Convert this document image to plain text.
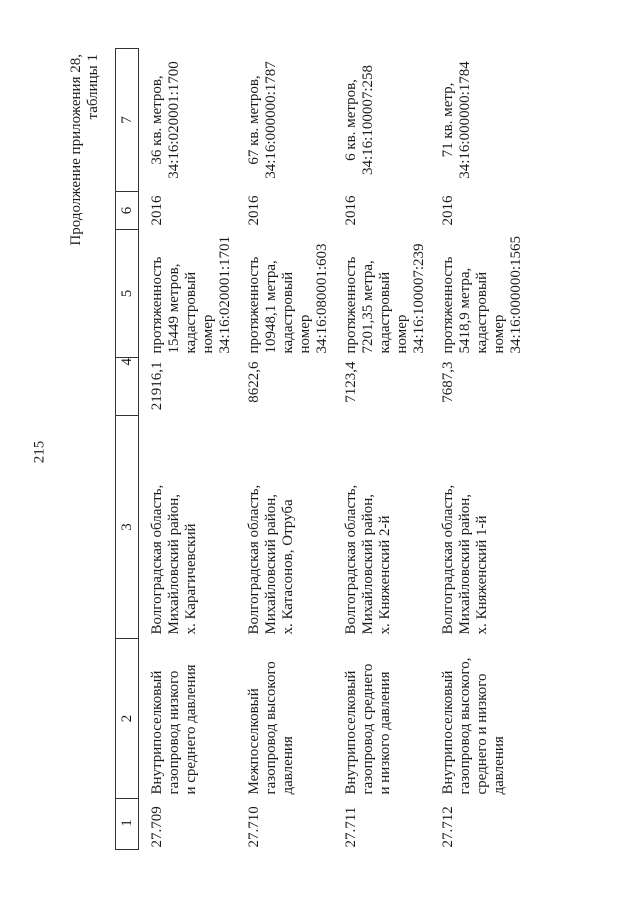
215
Продолжение приложения 28, таблицы 1
1	2	3	4	5	6	7
27.709	Внутрипоселковый газопровод низкого и среднего давления	Волгоградская область, Михайловский район, х. Карагичевский	21916,1	протяженность 15449 метров, кадастровый номер 34:16:020001:1701	2016	36 кв. метров, 34:16:020001:1700

27.710	Межпоселковый газопровод высокого давления	Волгоградская область, Михайловский район, х. Катасонов, Отруба	8622,6	протяженность 10948,1 метра, кадастровый номер 34:16:080001:603	2016	67 кв. метров, 34:16:000000:1787

27.711	Внутрипоселковый газопровод среднего и низкого давления	Волгоградская область, Михайловский район, х. Княженский 2-й	7123,4	протяженность 7201,35 метра, кадастровый номер 34:16:100007:239	2016	6 кв. метров, 34:16:100007:258

27.712	Внутрипоселковый газопровод высокого, среднего и низкого давления	Волгоградская область, Михайловский район, х. Княженский 1-й	7687,3	протяженность 5418,9 метра, кадастровый номер 34:16:000000:1565	2016	71 кв. метр, 34:16:000000:1784
